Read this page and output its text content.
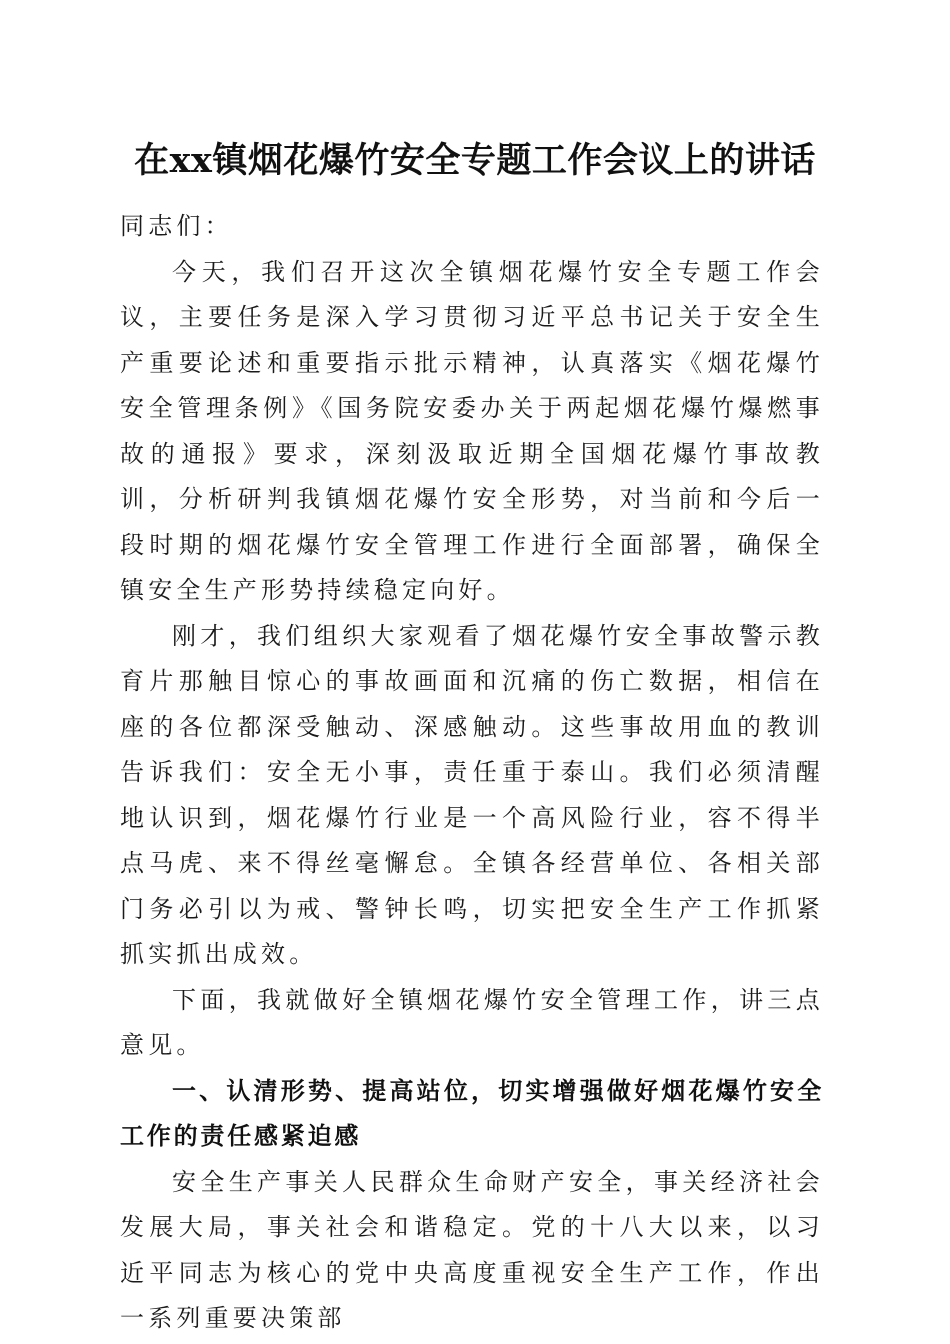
在xx镇烟花爆竹安全专题工作会议上的讲话

同志们：

今天，我们召开这次全镇烟花爆竹安全专题工作会议，主要任务是深入学习贯彻习近平总书记关于安全生产重要论述和重要指示批示精神，认真落实《烟花爆竹安全管理条例》《国务院安委办关于两起烟花爆竹爆燃事故的通报》要求，深刻汲取近期全国烟花爆竹事故教训，分析研判我镇烟花爆竹安全形势，对当前和今后一段时期的烟花爆竹安全管理工作进行全面部署，确保全镇安全生产形势持续稳定向好。

刚才，我们组织大家观看了烟花爆竹安全事故警示教育片那触目惊心的事故画面和沉痛的伤亡数据，相信在座的各位都深受触动、深感触动。这些事故用血的教训告诉我们：安全无小事，责任重于泰山。我们必须清醒地认识到，烟花爆竹行业是一个高风险行业，容不得半点马虎、来不得丝毫懈怠。全镇各经营单位、各相关部门务必引以为戒、警钟长鸣，切实把安全生产工作抓紧抓实抓出成效。

下面，我就做好全镇烟花爆竹安全管理工作，讲三点意见。

一、认清形势、提高站位，切实增强做好烟花爆竹安全工作的责任感紧迫感

安全生产事关人民群众生命财产安全，事关经济社会发展大局，事关社会和谐稳定。党的十八大以来，以习近平同志为核心的党中央高度重视安全生产工作，作出一系列重要决策部
